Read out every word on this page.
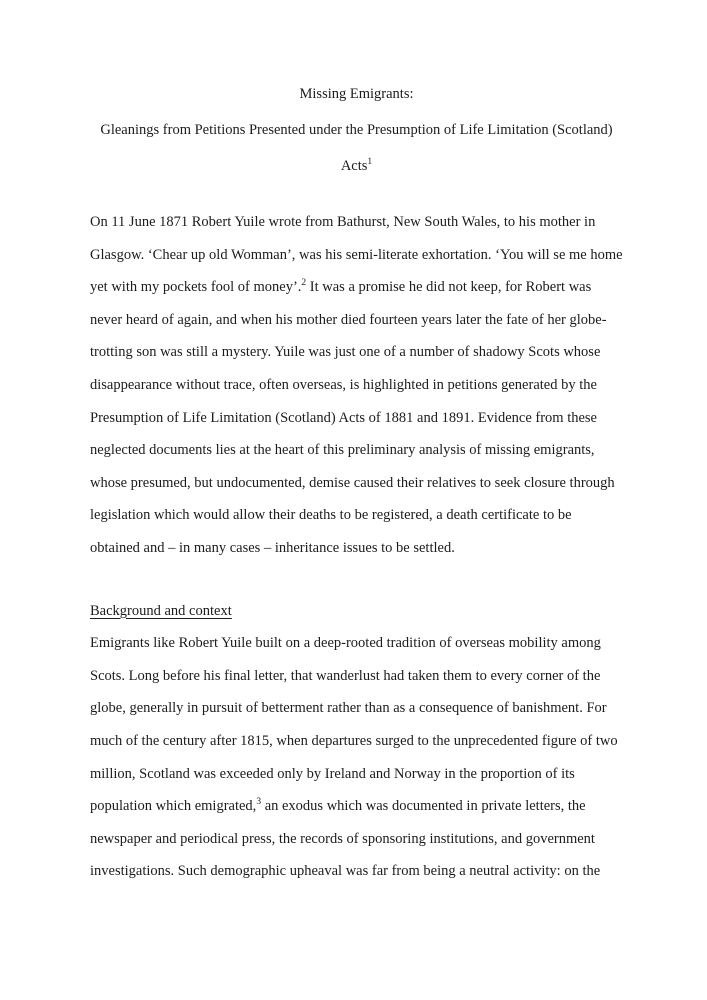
Missing Emigrants:
Gleanings from Petitions Presented under the Presumption of Life Limitation (Scotland)
Acts$^1$

On 11 June 1871 Robert Yuile wrote from Bathurst, New South Wales, to his mother in Glasgow. ‘Chear up old Womman’, was his semi-literate exhortation. ‘You will se me home yet with my pockets fool of money’.$^2$ It was a promise he did not keep, for Robert was never heard of again, and when his mother died fourteen years later the fate of her globe-trotting son was still a mystery. Yuile was just one of a number of shadowy Scots whose disappearance without trace, often overseas, is highlighted in petitions generated by the Presumption of Life Limitation (Scotland) Acts of 1881 and 1891. Evidence from these neglected documents lies at the heart of this preliminary analysis of missing emigrants, whose presumed, but undocumented, demise caused their relatives to seek closure through legislation which would allow their deaths to be registered, a death certificate to be obtained and – in many cases – inheritance issues to be settled.

Background and context

Emigrants like Robert Yuile built on a deep-rooted tradition of overseas mobility among Scots. Long before his final letter, that wanderlust had taken them to every corner of the globe, generally in pursuit of betterment rather than as a consequence of banishment. For much of the century after 1815, when departures surged to the unprecedented figure of two million, Scotland was exceeded only by Ireland and Norway in the proportion of its population which emigrated,$^3$ an exodus which was documented in private letters, the newspaper and periodical press, the records of sponsoring institutions, and government investigations. Such demographic upheaval was far from being a neutral activity: on the
